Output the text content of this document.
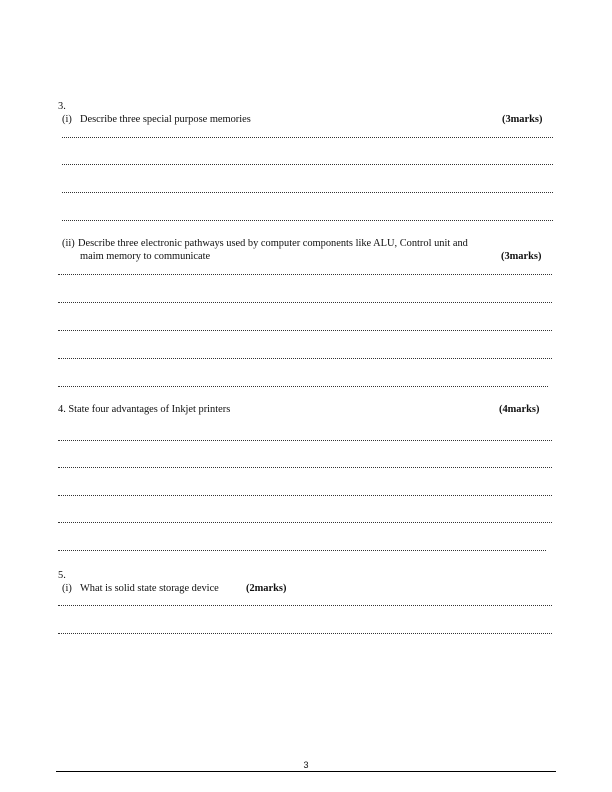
3.
(i) Describe three special purpose memories	(3marks)
(ii) Describe three electronic pathways used by computer components like ALU, Control unit and
maim memory to communicate	(3marks)
4. State four advantages of Inkjet printers	(4marks)
5.
(i) What is solid state storage device	(2marks)
3
